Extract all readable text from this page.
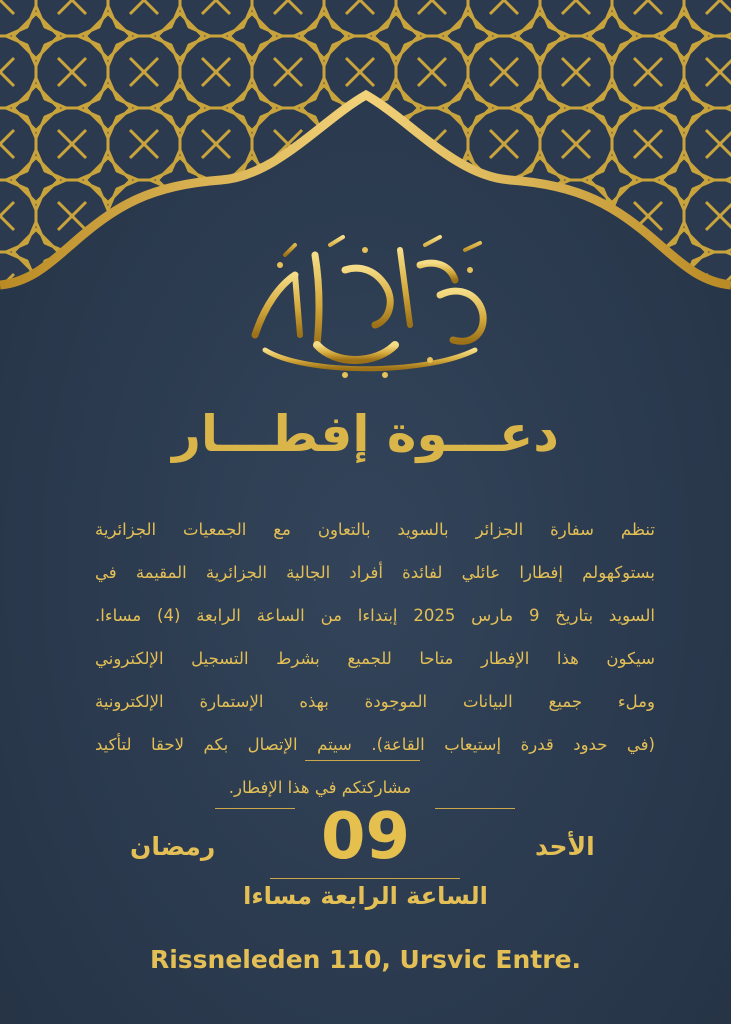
دعـــوة إفطـــار
تنظم سفارة الجزائر بالسويد بالتعاون مع الجمعيات الجزائرية
بستوكهولم إفطارا عائلي لفائدة أفراد الجالية الجزائرية المقيمة في
السويد بتاريخ 9 مارس 2025 إبتداءا من الساعة الرابعة (4) مساءا.
سيكون هذا الإفطار متاحا للجميع بشرط التسجيل الإلكتروني
وملء جميع البيانات الموجودة بهذه الإستمارة الإلكترونية
(في حدود قدرة إستيعاب القاعة). سيتم الإتصال بكم لاحقا لتأكيد
مشاركتكم في هذا الإفطار.
رمضان	09	الأحد
الساعة الرابعة مساءا
Rissneleden 110, Ursvic Entre.
